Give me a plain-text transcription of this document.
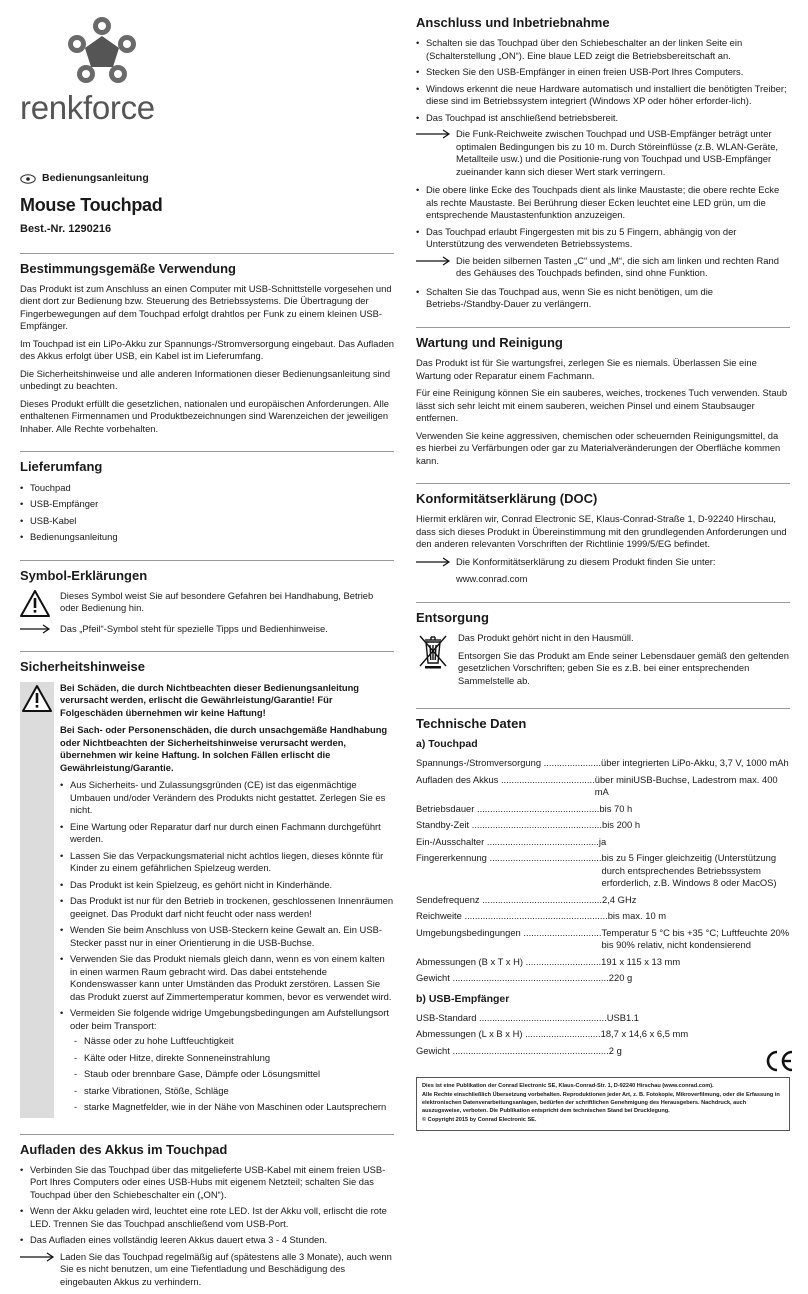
renkforce
Bedienungsanleitung
Mouse Touchpad
Best.-Nr. 1290216
Bestimmungsgemäße Verwendung

Das Produkt ist zum Anschluss an einen Computer mit USB-Schnittstelle vorgesehen und dient dort zur Bedienung bzw. Steuerung des Betriebssystems. Die Übertragung der Fingerbewegungen auf dem Touchpad erfolgt drahtlos per Funk zu einem kleinen USB-Empfänger.

Im Touchpad ist ein LiPo-Akku zur Spannungs-/Stromversorgung eingebaut. Das Aufladen des Akkus erfolgt über USB, ein Kabel ist im Lieferumfang.

Die Sicherheitshinweise und alle anderen Informationen dieser Bedienungsanleitung sind unbedingt zu beachten.

Dieses Produkt erfüllt die gesetzlichen, nationalen und europäischen Anforderungen. Alle enthaltenen Firmennamen und Produktbezeichnungen sind Warenzeichen der jeweiligen Inhaber. Alle Rechte vorbehalten.

Lieferumfang
• Touchpad
• USB-Empfänger
• USB-Kabel
• Bedienungsanleitung
Symbol-Erklärungen
Dieses Symbol weist Sie auf besondere Gefahren bei Handhabung, Betrieb oder Bedienung hin.
Das „Pfeil“-Symbol steht für spezielle Tipps und Bedienhinweise.
Sicherheitshinweise

Bei Schäden, die durch Nichtbeachten dieser Bedienungsanleitung verursacht werden, erlischt die Gewährleistung/Garantie! Für Folgeschäden übernehmen wir keine Haftung!

Bei Sach- oder Personenschäden, die durch unsachgemäße Handhabung oder Nichtbeachten der Sicherheitshinweise verursacht werden, übernehmen wir keine Haftung. In solchen Fällen erlischt die Gewährleistung/Garantie.

• Aus Sicherheits- und Zulassungsgründen (CE) ist das eigenmächtige Umbauen und/oder Verändern des Produkts nicht gestattet. Zerlegen Sie es nicht.
• Eine Wartung oder Reparatur darf nur durch einen Fachmann durchgeführt werden.
• Lassen Sie das Verpackungsmaterial nicht achtlos liegen, dieses könnte für Kinder zu einem gefährlichen Spielzeug werden.
• Das Produkt ist kein Spielzeug, es gehört nicht in Kinderhände.
• Das Produkt ist nur für den Betrieb in trockenen, geschlossenen Innenräumen geeignet. Das Produkt darf nicht feucht oder nass werden!
• Wenden Sie beim Anschluss von USB-Steckern keine Gewalt an. Ein USB-Stecker passt nur in einer Orientierung in die USB-Buchse.
• Verwenden Sie das Produkt niemals gleich dann, wenn es von einem kalten in einen warmen Raum gebracht wird. Das dabei entstehende Kondenswasser kann unter Umständen das Produkt zerstören. Lassen Sie das Produkt zuerst auf Zimmertemperatur kommen, bevor es verwendet wird.
• Vermeiden Sie folgende widrige Umgebungsbedingungen am Aufstellungsort oder beim Transport:
- Nässe oder zu hohe Luftfeuchtigkeit
- Kälte oder Hitze, direkte Sonneneinstrahlung
- Staub oder brennbare Gase, Dämpfe oder Lösungsmittel
- starke Vibrationen, Stöße, Schläge
- starke Magnetfelder, wie in der Nähe von Maschinen oder Lautsprechern
Aufladen des Akkus im Touchpad
• Verbinden Sie das Touchpad über das mitgelieferte USB-Kabel mit einem freien USB-Port Ihres Computers oder eines USB-Hubs mit eigenem Netzteil; schalten Sie das Touchpad über den Schiebeschalter ein („ON“).
• Wenn der Akku geladen wird, leuchtet eine rote LED. Ist der Akku voll, erlischt die rote LED. Trennen Sie das Touchpad anschließend vom USB-Port.
• Das Aufladen eines vollständig leeren Akkus dauert etwa 3 - 4 Stunden.
Laden Sie das Touchpad regelmäßig auf (spätestens alle 3 Monate), auch wenn Sie es nicht benutzen, um eine Tiefentladung und Beschädigung des eingebauten Akkus zu verhindern.
Anschluss und Inbetriebnahme
• Schalten sie das Touchpad über den Schiebeschalter an der linken Seite ein (Schalterstellung „ON“). Eine blaue LED zeigt die Betriebsbereitschaft an.
• Stecken Sie den USB-Empfänger in einen freien USB-Port Ihres Computers.
• Windows erkennt die neue Hardware automatisch und installiert die benötigten Treiber; diese sind im Betriebssystem integriert (Windows XP oder höher erforder-lich).
• Das Touchpad ist anschließend betriebsbereit.
Die Funk-Reichweite zwischen Touchpad und USB-Empfänger beträgt unter optimalen Bedingungen bis zu 10 m. Durch Störeinflüsse (z.B. WLAN-Geräte, Metallteile usw.) und die Positionie-rung von Touchpad und USB-Empfänger zueinander kann sich dieser Wert stark verringern.
• Die obere linke Ecke des Touchpads dient als linke Maustaste; die obere rechte Ecke als rechte Maustaste. Bei Berührung dieser Ecken leuchtet eine LED grün, um die entsprechende Maustastenfunktion anzuzeigen.
• Das Touchpad erlaubt Fingergesten mit bis zu 5 Fingern, abhängig von der Unterstützung des verwendeten Betriebssystems.
Die beiden silbernen Tasten „C“ und „M“, die sich am linken und rechten Rand des Gehäuses des Touchpads befinden, sind ohne Funktion.
• Schalten Sie das Touchpad aus, wenn Sie es nicht benötigen, um die Betriebs-/Standby-Dauer zu verlängern.
Wartung und Reinigung

Das Produkt ist für Sie wartungsfrei, zerlegen Sie es niemals. Überlassen Sie eine Wartung oder Reparatur einem Fachmann.

Für eine Reinigung können Sie ein sauberes, weiches, trockenes Tuch verwenden. Staub lässt sich sehr leicht mit einem sauberen, weichen Pinsel und einem Staubsauger entfernen.

Verwenden Sie keine aggressiven, chemischen oder scheuernden Reinigungsmittel, da es hierbei zu Verfärbungen oder gar zu Materialveränderungen der Oberfläche kommen kann.

Konformitätserklärung (DOC)

Hiermit erklären wir, Conrad Electronic SE, Klaus-Conrad-Straße 1, D-92240 Hirschau, dass sich dieses Produkt in Übereinstimmung mit den grundlegenden Anforderungen und den anderen relevanten Vorschriften der Richtlinie 1999/5/EG befindet.

Die Konformitätserklärung zu diesem Produkt finden Sie unter:
www.conrad.com
Entsorgung

Das Produkt gehört nicht in den Hausmüll.

Entsorgen Sie das Produkt am Ende seiner Lebensdauer gemäß den geltenden gesetzlichen Vorschriften; geben Sie es z.B. bei einer entsprechenden Sammelstelle ab.

Technische Daten
a) Touchpad
Spannungs-/Stromversorgung ...................... über integrierten LiPo-Akku, 3,7 V, 1000 mAh
Aufladen des Akkus .................................... über miniUSB-Buchse, Ladestrom max. 400 mA
Betriebsdauer ............................................... bis 70 h
Standby-Zeit .................................................. bis 200 h
Ein-/Ausschalter ........................................... ja
Fingererkennung ........................................... bis zu 5 Finger gleichzeitig (Unterstützung durch entsprechendes Betriebssystem erforderlich, z.B. Windows 8 oder MacOS)
Sendefrequenz .............................................. 2,4 GHz
Reichweite ....................................................... bis max. 10 m
Umgebungsbedingungen .............................. Temperatur 5 °C bis +35 °C; Luftfeuchte 20% bis 90% relativ, nicht kondensierend
Abmessungen (B x T x H) ............................. 191 x 115 x 13 mm
Gewicht ............................................................ 220 g
b) USB-Empfänger
USB-Standard ................................................. USB1.1
Abmessungen (L x B x H) ............................. 18,7 x 14,6 x 6,5 mm
Gewicht ............................................................ 2 g

Dies ist eine Publikation der Conrad Electronic SE, Klaus-Conrad-Str. 1, D-92240 Hirschau (www.conrad.com).

Alle Rechte einschließlich Übersetzung vorbehalten. Reproduktionen jeder Art, z. B. Fotokopie, Mikroverfilmung, oder die Erfassung in elektronischen Datenverarbeitungsanlagen, bedürfen der schriftlichen Genehmigung des Herausgebers. Nachdruck, auch auszugsweise, verboten. Die Publikation entspricht dem technischen Stand bei Drucklegung.

© Copyright 2015 by Conrad Electronic SE.
